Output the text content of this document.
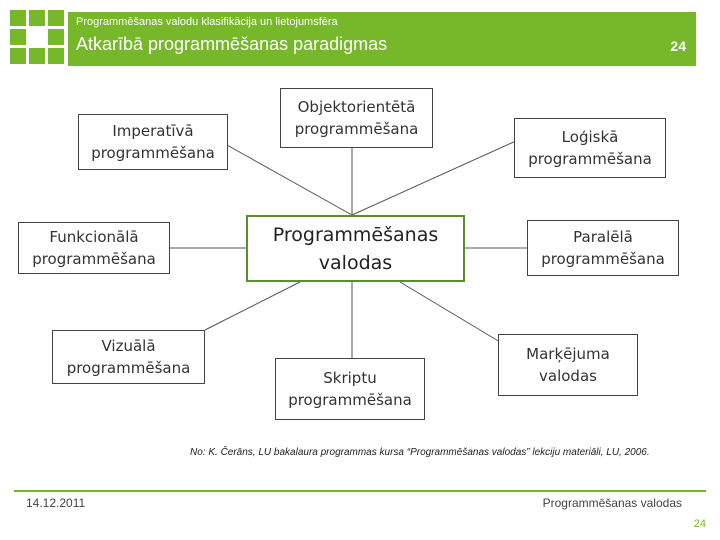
Programmēšanas valodu klasifikācija un lietojumsfēra
Atkarībā programmēšanas paradigmas	24
Imperatīvā programmēšana
Objektorientētā programmēšana	Loģiskā programmēšana
Funkcionālā programmēšana
Programmēšanas valodas
Paralēlā programmēšana
Vizuālā programmēšana
Skriptu programmēšana
Marķējuma valodas
No: K. Čerāns, LU bakalaura programmas kursa “Programmēšanas valodas” lekciju materiāli, LU, 2006.
14.12.2011	Programmēšanas valodas
24
